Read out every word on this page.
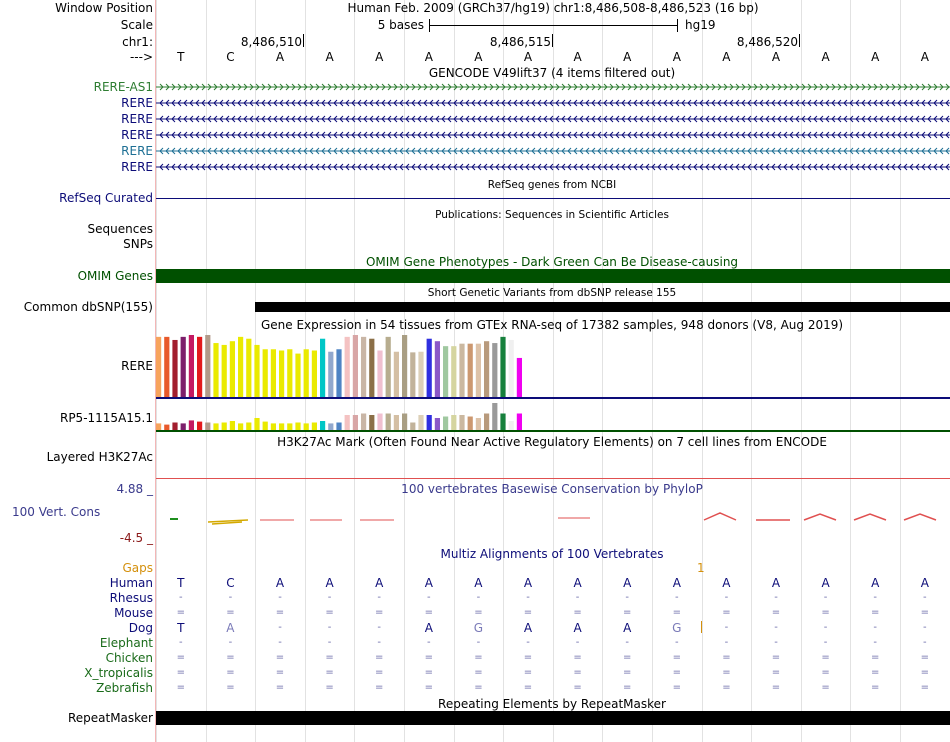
Window Position	Human Feb. 2009 (GRCh37/hg19) chr1:8,486,508-8,486,523 (16 bp)
Scale	5 bases	hg19
chr1:	8,486,510	8,486,515	8,486,520
--->	T	C	A	A	A	A	A	A	A	A	A	A	A	A	A	A
GENCODE V49lift37 (4 items filtered out)
RERE-AS1
RERE
RERE
RERE
RERE
RERE
RefSeq genes from NCBI
RefSeq Curated
Publications: Sequences in Scientific Articles
Sequences
SNPs
OMIM Gene Phenotypes - Dark Green Can Be Disease-causing
OMIM Genes
Short Genetic Variants from dbSNP release 155
Common dbSNP(155)
Gene Expression in 54 tissues from GTEx RNA-seq of 17382 samples, 948 donors (V8, Aug 2019)
RERE
RP5-1115A15.1
H3K27Ac Mark (Often Found Near Active Regulatory Elements) on 7 cell lines from ENCODE
Layered H3K27Ac
4.88 _	100 vertebrates Basewise Conservation by PhyloP
100 Vert. Cons
-4.5 _
Multiz Alignments of 100 Vertebrates
Gaps	1
Human	T	C	A	A	A	A	A	A	A	A	A	A	A	A	A	A
Rhesus	-	-	-	-	-	-	-	-	-	-	-	-	-	-	-	-
Mouse	=	=	=	=	=	=	=	=	=	=	=	=	=	=	=	=
Dog	T	A	-	-	-	A	G	A	A	A	G	-	-	-	-	-
Elephant	-	-	-	-	-	-	-	-	-	-	-	-	-	-	-	-
Chicken	=	=	=	=	=	=	=	=	=	=	=	=	=	=	=	=
X_tropicalis	=	=	=	=	=	=	=	=	=	=	=	=	=	=	=	=
Zebrafish	=	=	=	=	=	=	=	=	=	=	=	=	=	=	=	=
Repeating Elements by RepeatMasker
RepeatMasker
